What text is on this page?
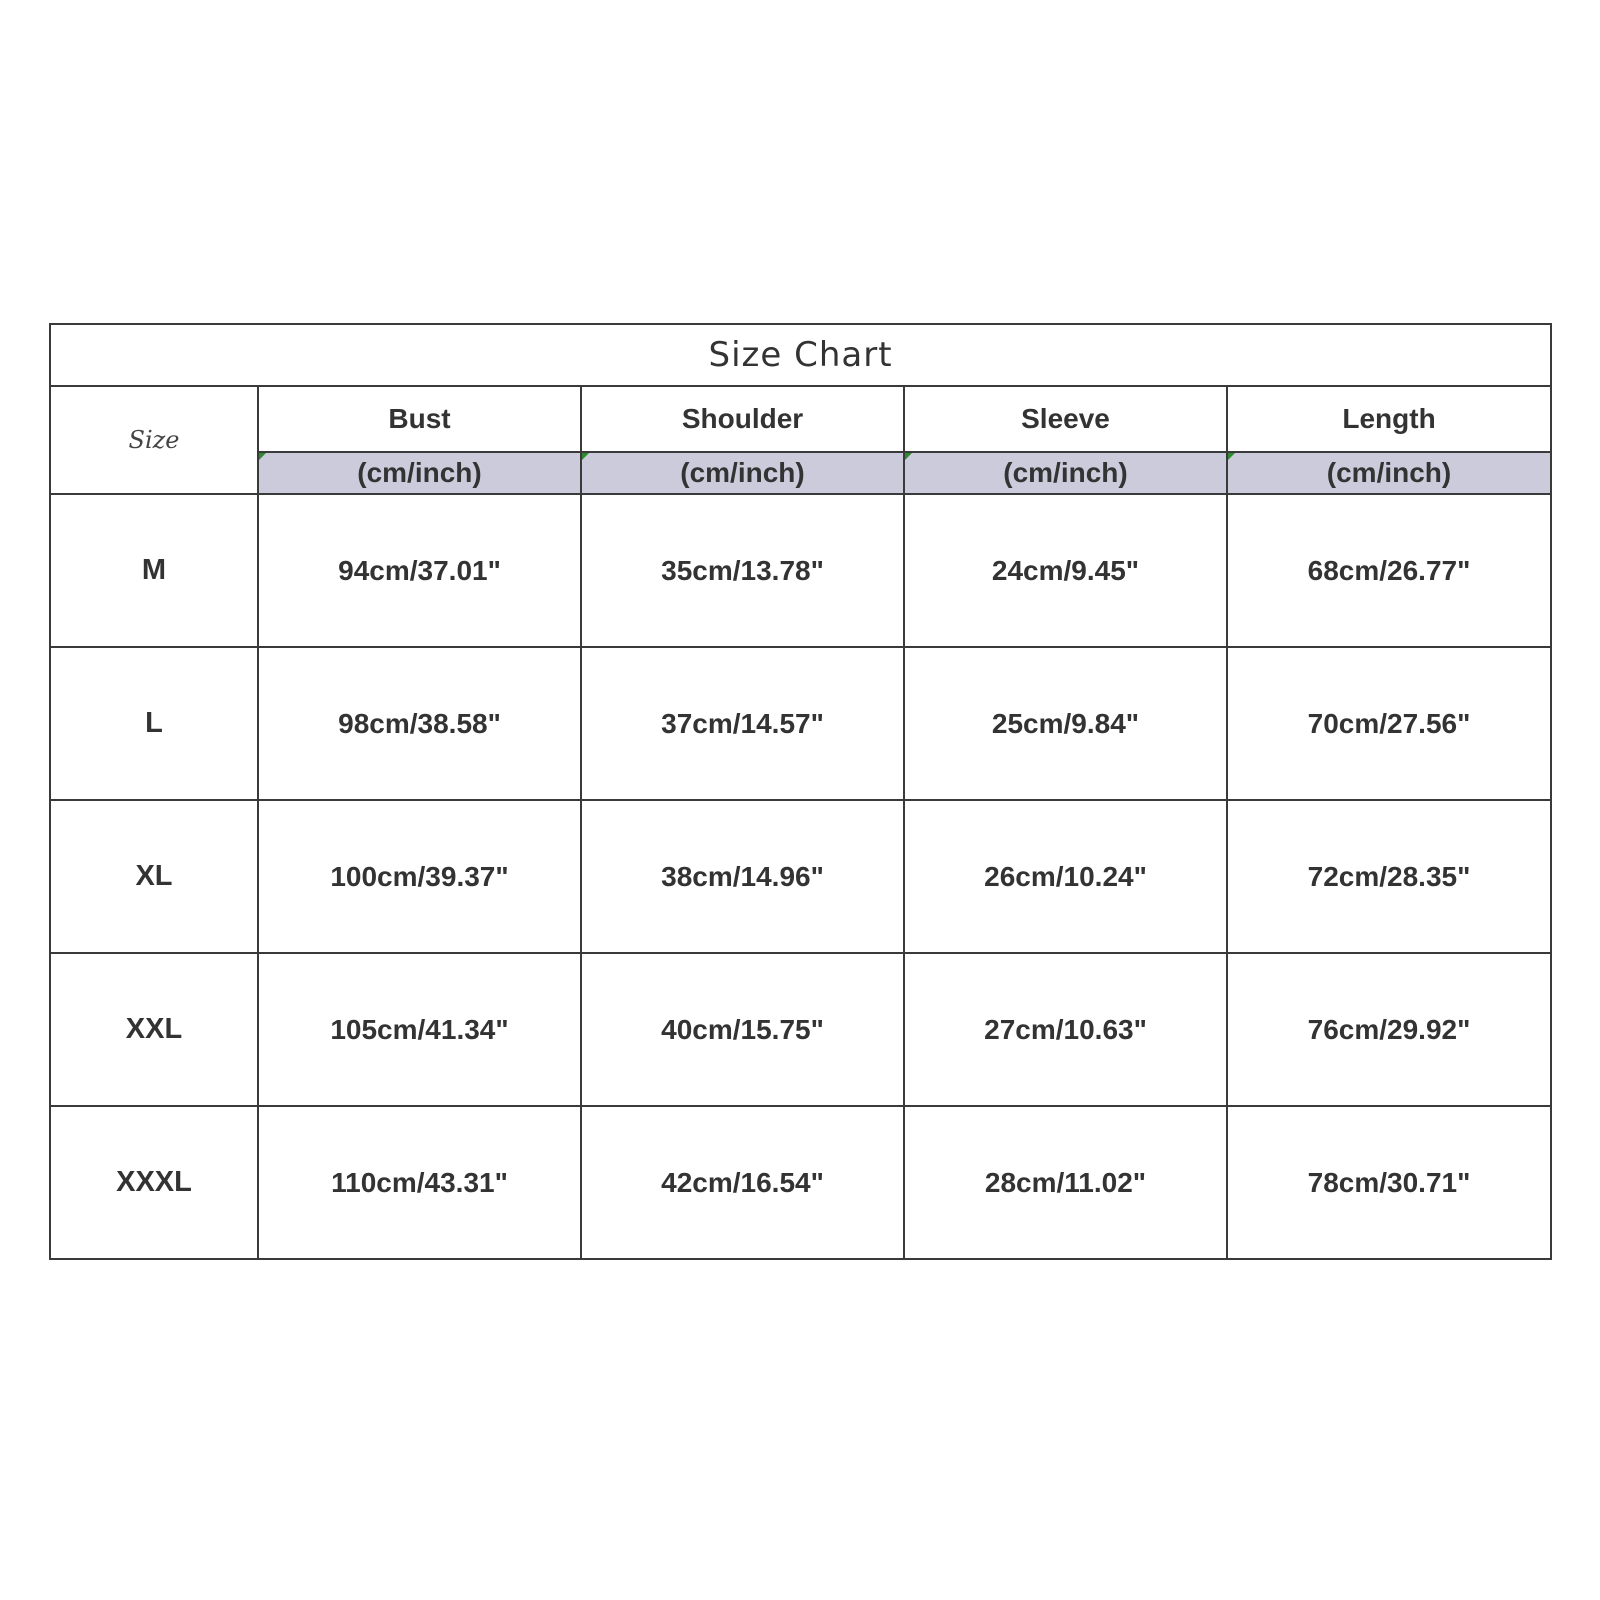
Size Chart				
Size	Bust	Shoulder	Sleeve	Length

(cm/inch)	(cm/inch)	(cm/inch)	(cm/inch)
M	94cm/37.01"	35cm/13.78"	24cm/9.45"	68cm/26.77"
L	98cm/38.58"	37cm/14.57"	25cm/9.84"	70cm/27.56"
XL	100cm/39.37"	38cm/14.96"	26cm/10.24"	72cm/28.35"
XXL	105cm/41.34"	40cm/15.75"	27cm/10.63"	76cm/29.92"
XXXL	110cm/43.31"	42cm/16.54"	28cm/11.02"	78cm/30.71"
